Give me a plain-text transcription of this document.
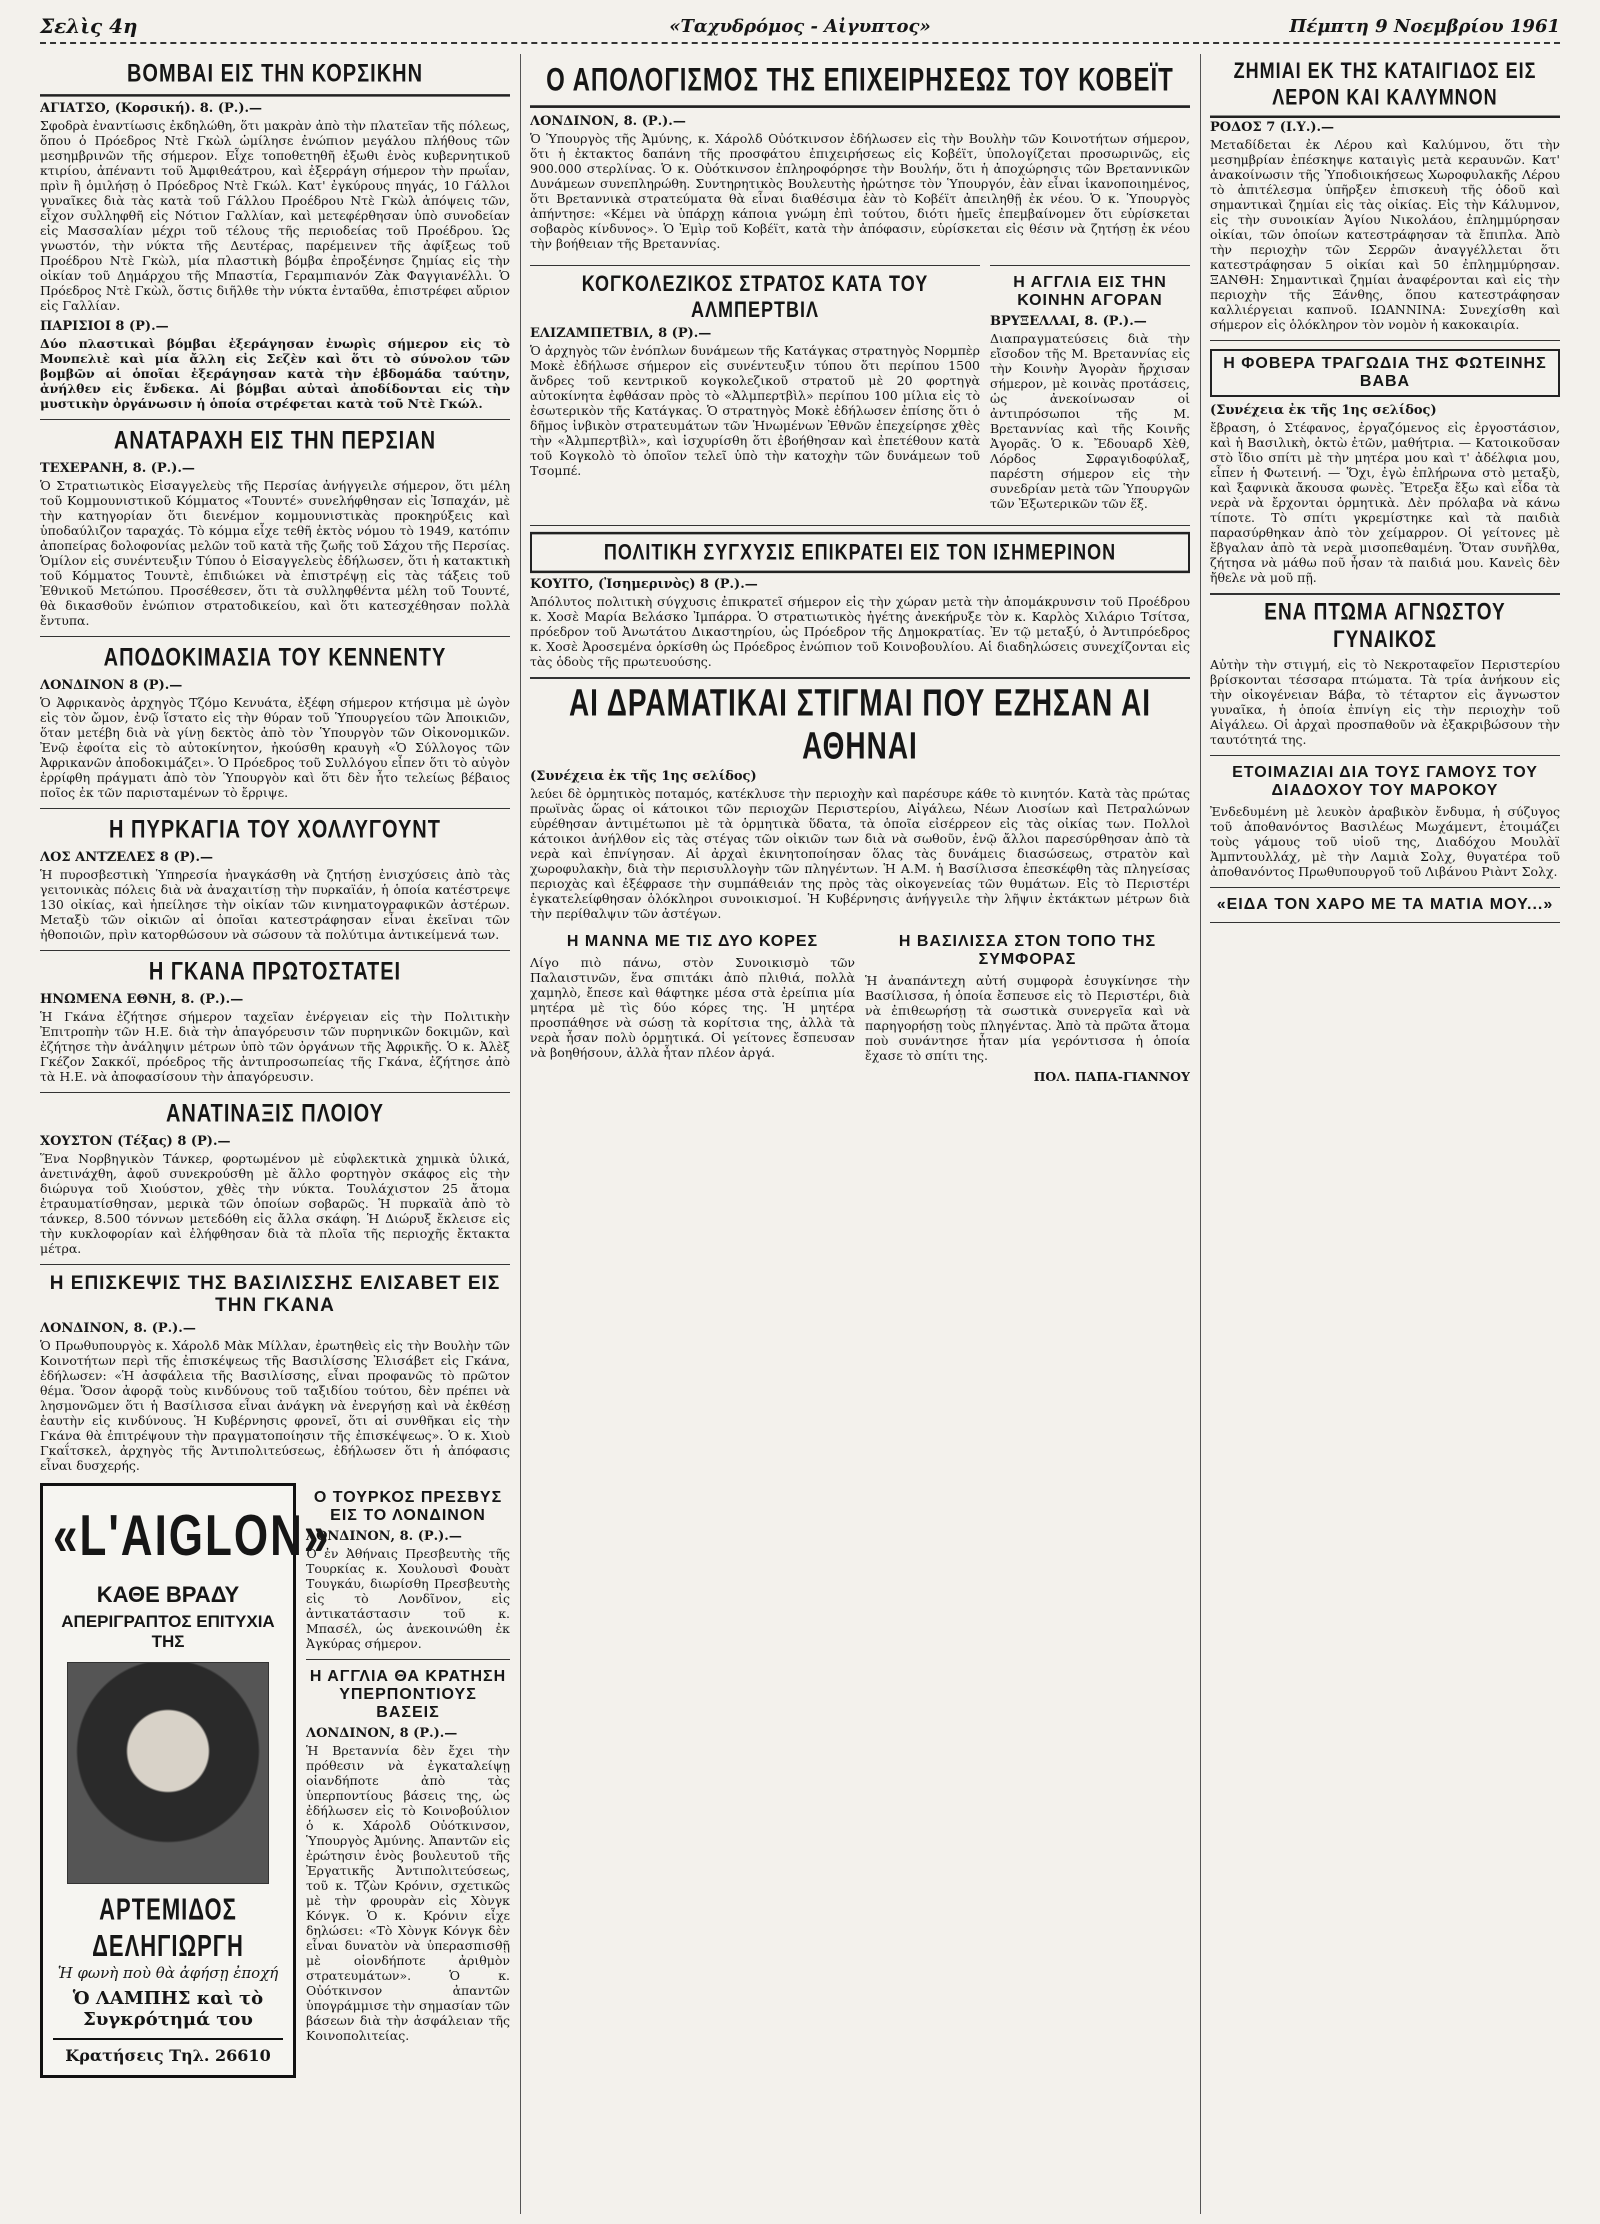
Σελὶς 4η	«Ταχυδρόμος - Αἰγυπτος»	Πέμπτη 9 Νοεμβρίου 1961
ΒΟΜΒΑΙ ΕΙΣ ΤΗΝ ΚΟΡΣΙΚΗΝ
ΑΓΙΑΤΣΟ, (Κορσική). 8. (Ρ.).—
Σφοδρὰ ἐναντίωσις ἐκδηλώθη, ὅτι μακρὰν ἀπὸ τὴν πλατεῖαν τῆς πόλεως, ὅπου ὁ Πρόεδρος Ντὲ Γκὼλ ὡμίλησε ἐνώπιον μεγάλου πλήθους τῶν μεσημβρινῶν τῆς σήμερον. Εἶχε τοποθετηθῆ ἐξωθι ἑνὸς κυβερνητικοῦ κτιρίου, ἀπέναντι τοῦ Ἀμφιθεάτρου, καὶ ἐξερράγη σήμερον τὴν πρωΐαν, πρὶν ἢ ὁμιλήσῃ ὁ Πρόεδρος Ντὲ Γκώλ. Κατ' ἐγκύρους πηγάς, 10 Γάλλοι γυναῖκες διὰ τὰς κατὰ τοῦ Γάλλου Προέδρου Ντὲ Γκὼλ ἀπόψεις τῶν, εἶχον συλληφθῆ εἰς Νότιον Γαλλίαν, καὶ μετεφέρθησαν ὑπὸ συνοδείαν εἰς Μασσαλίαν μέχρι τοῦ τέλους τῆς περιοδείας τοῦ Προέδρου. Ὡς γνωστόν, τὴν νύκτα τῆς Δευτέρας, παρέμεινεν τῆς ἀφίξεως τοῦ Προέδρου Ντὲ Γκὼλ, μία πλαστικὴ βόμβα ἐπροξένησε ζημίας εἰς τὴν οἰκίαν τοῦ Δημάρχου τῆς Μπαστία, Γεραμπιανόν Ζὰκ Φαγγιανέλλι. Ὁ Πρόεδρος Ντὲ Γκὼλ, ὅστις διῆλθε τὴν νύκτα ἐνταῦθα, ἐπιστρέφει αὔριον εἰς Γαλλίαν.
ΠΑΡΙΣΙΟΙ 8 (Ρ).—
Δύο πλαστικαὶ βόμβαι ἐξεράγησαν ἐνωρὶς σήμερον εἰς τὸ Μονπελιὲ καὶ μία ἄλλη εἰς Σεζὲν καὶ ὅτι τὸ σύνολον τῶν βομβῶν αἱ ὁποῖαι ἐξεράγησαν κατὰ τὴν ἑβδομάδα ταύτην, ἀνήλθεν εἰς ἕνδεκα. Αἱ βόμβαι αὐταὶ ἀποδίδονται εἰς τὴν μυστικὴν ὀργάνωσιν ἡ ὁποία στρέφεται κατὰ τοῦ Ντὲ Γκώλ.
ΑΝΑΤΑΡΑΧΗ ΕΙΣ ΤΗΝ ΠΕΡΣΙΑΝ
ΤΕΧΕΡΑΝΗ, 8. (Ρ.).—
Ὁ Στρατιωτικὸς Εἰσαγγελεὺς τῆς Περσίας ἀνήγγειλε σήμερον, ὅτι μέλη τοῦ Κομμουνιστικοῦ Κόμματος «Τουντέ» συνελήφθησαν εἰς Ἰσπαχάν, μὲ τὴν κατηγορίαν ὅτι διενέμον κομμουνιστικὰς προκηρύξεις καὶ ὑποδαύλιζον ταραχάς. Τὸ κόμμα εἶχε τεθῆ ἐκτὸς νόμου τὸ 1949, κατόπιν ἀποπείρας δολοφονίας μελῶν τοῦ κατὰ τῆς ζωῆς τοῦ Σάχου τῆς Περσίας. Ὁμίλον εἰς συνέντευξιν Τύπου ὁ Εἰσαγγελεὺς ἐδήλωσεν, ὅτι ἡ κατακτικὴ τοῦ Κόμματος Τουντὲ, ἐπιδιώκει νὰ ἐπιστρέψῃ εἰς τὰς τάξεις τοῦ Ἐθνικοῦ Μετώπου. Προσέθεσεν, ὅτι τὰ συλληφθέντα μέλη τοῦ Τουντέ, θὰ δικασθοῦν ἐνώπιον στρατοδικείου, καὶ ὅτι κατεσχέθησαν πολλὰ ἔντυπα.
ΑΠΟΔΟΚΙΜΑΣΙΑ ΤΟΥ ΚΕΝΝΕΝΤΥ
ΛΟΝΔΙΝΟΝ 8 (Ρ).—
Ὁ Ἀφρικανὸς ἀρχηγὸς Τζόμο Κενυάτα, ἐξέφη σήμερον κτήσιμα μὲ ὡγὸν εἰς τὸν ὤμον, ἐνῷ ἵστατο εἰς τὴν θύραν τοῦ Ὑπουργείου τῶν Ἀποικιῶν, ὅταν μετέβη διὰ νὰ γίνῃ δεκτὸς ἀπὸ τὸν Ὑπουργὸν τῶν Οἰκονομικῶν. Ἐνῷ ἐφοίτα εἰς τὸ αὐτοκίνητον, ἠκούσθη κραυγὴ «Ὁ Σύλλογος τῶν Ἀφρικανῶν ἀποδοκιμάζει». Ὁ Πρόεδρος τοῦ Συλλόγου εἶπεν ὅτι τὸ αὐγὸν ἐρρίφθη πράγματι ἀπὸ τὸν Ὑπουργὸν καὶ ὅτι δὲν ἦτο τελείως βέβαιος ποῖος ἐκ τῶν παρισταμένων τὸ ἔρριψε.
Η ΠΥΡΚΑΓΙΑ ΤΟΥ ΧΟΛΛΥΓΟΥΝΤ
ΛΟΣ ΑΝΤΖΕΛΕΣ 8 (Ρ).—
Ἡ πυροσβεστικὴ Ὑπηρεσία ἠναγκάσθη νὰ ζητήσῃ ἐνισχύσεις ἀπὸ τὰς γειτονικὰς πόλεις διὰ νὰ ἀναχαιτίσῃ τὴν πυρκαϊάν, ἡ ὁποία κατέστρεψε 130 οἰκίας, καὶ ἠπείλησε τὴν οἰκίαν τῶν κινηματογραφικῶν ἀστέρων. Μεταξὺ τῶν οἰκιῶν αἱ ὁποῖαι κατεστράφησαν εἶναι ἐκεῖναι τῶν ἠθοποιῶν, πρὶν κατορθώσουν νὰ σώσουν τὰ πολύτιμα ἀντικείμενά των.
Η ΓΚΑΝΑ ΠΡΩΤΟΣΤΑΤΕΙ
ΗΝΩΜΕΝΑ ΕΘΝΗ, 8. (Ρ.).—
Ἡ Γκάνα ἐζήτησε σήμερον ταχεῖαν ἐνέργειαν εἰς τὴν Πολιτικὴν Ἐπιτροπὴν τῶν Η.Ε. διὰ τὴν ἀπαγόρευσιν τῶν πυρηνικῶν δοκιμῶν, καὶ ἐζήτησε τὴν ἀνάληψιν μέτρων ὑπὸ τῶν ὀργάνων τῆς Ἀφρικῆς. Ὁ κ. Ἀλὲξ Γκέζον Σακκόϊ, πρόεδρος τῆς ἀντιπροσωπείας τῆς Γκάνα, ἐζήτησε ἀπὸ τὰ Η.Ε. νὰ ἀποφασίσουν τὴν ἀπαγόρευσιν.
ΑΝΑΤΙΝΑΞΙΣ ΠΛΟΙΟΥ
ΧΟΥΣΤΟΝ (Τέξας) 8 (Ρ).—
Ἕνα Νορβηγικὸν Τάνκερ, φορτωμένον μὲ εὐφλεκτικὰ χημικὰ ὑλικά, ἀνετινάχθη, ἀφοῦ συνεκρούσθη μὲ ἄλλο φορτηγὸν σκάφος εἰς τὴν διώρυγα τοῦ Χιούστον, χθὲς τὴν νύκτα. Τουλάχιστον 25 ἄτομα ἐτραυματίσθησαν, μερικὰ τῶν ὁποίων σοβαρῶς. Ἡ πυρκαϊὰ ἀπὸ τὸ τάνκερ, 8.500 τόννων μετεδόθη εἰς ἄλλα σκάφη. Ἡ Διώρυξ ἔκλεισε εἰς τὴν κυκλοφορίαν καὶ ἐλήφθησαν διὰ τὰ πλοῖα τῆς περιοχῆς ἔκτακτα μέτρα.
Η ΕΠΙΣΚΕΨΙΣ ΤΗΣ ΒΑΣΙΛΙΣΣΗΣ ΕΛΙΣΑΒΕΤ ΕΙΣ ΤΗΝ ΓΚΑΝΑ
ΛΟΝΔΙΝΟΝ, 8. (Ρ.).—
Ὁ Πρωθυπουργὸς κ. Χάρολδ Μὰκ Μίλλαν, ἐρωτηθεὶς εἰς τὴν Βουλὴν τῶν Κοινοτήτων περὶ τῆς ἐπισκέψεως τῆς Βασιλίσσης Ἐλισάβετ εἰς Γκάνα, ἐδήλωσεν: «Ἡ ἀσφάλεια τῆς Βασιλίσσης, εἶναι προφανῶς τὸ πρῶτον θέμα. Ὅσον ἀφορᾷ τοὺς κινδύνους τοῦ ταξιδίου τούτου, δὲν πρέπει νὰ λησμονῶμεν ὅτι ἡ Βασίλισσα εἶναι ἀνάγκη νὰ ἐνεργήσῃ καὶ νὰ ἐκθέσῃ ἑαυτὴν εἰς κινδύνους. Ἡ Κυβέρνησις φρονεῖ, ὅτι αἱ συνθῆκαι εἰς τὴν Γκάνα θὰ ἐπιτρέψουν τὴν πραγματοποίησιν τῆς ἐπισκέψεως». Ὁ κ. Χιοὺ Γκαΐτσκελ, ἀρχηγὸς τῆς Ἀντιπολιτεύσεως, ἐδήλωσεν ὅτι ἡ ἀπόφασις εἶναι δυσχερής.
«L'AIGLON»
ΚΑΘΕ ΒΡΑΔΥ
ΑΠΕΡΙΓΡΑΠΤΟΣ ΕΠΙΤΥΧΙΑ ΤΗΣ
ΑΡΤΕΜΙΔΟΣ ΔΕΛΗΓΙΩΡΓΗ
Ἡ φωνὴ ποὺ θὰ ἀφήσῃ ἐποχή
Ὁ ΛΑΜΠΗΣ καὶ τὸ Συγκρότημά του
Κρατήσεις Τηλ. 26610
Ο ΤΟΥΡΚΟΣ ΠΡΕΣΒΥΣ ΕΙΣ ΤΟ ΛΟΝΔΙΝΟΝ
ΛΟΝΔΙΝΟΝ, 8. (Ρ.).—
Ὁ ἐν Ἀθήναις Πρεσβευτὴς τῆς Τουρκίας κ. Χουλουσὶ Φουὰτ Τουγκάυ, διωρίσθη Πρεσβευτὴς εἰς τὸ Λονδῖνον, εἰς ἀντικατάστασιν τοῦ κ. Μπασέλ, ὡς ἀνεκοινώθη ἐκ Ἀγκύρας σήμερον.
Η ΑΓΓΛΙΑ ΘΑ ΚΡΑΤΗΣΗ ΥΠΕΡΠΟΝΤΙΟΥΣ ΒΑΣΕΙΣ
ΛΟΝΔΙΝΟΝ, 8 (Ρ.).—
Ἡ Βρεταννία δὲν ἔχει τὴν πρόθεσιν νὰ ἐγκαταλείψῃ οἱανδήποτε ἀπὸ τὰς ὑπερποντίους βάσεις της, ὡς ἐδήλωσεν εἰς τὸ Κοινοβούλιον ὁ κ. Χάρολδ Οὐότκινσον, Ὑπουργὸς Ἀμύνης. Ἀπαντῶν εἰς ἐρώτησιν ἑνὸς βουλευτοῦ τῆς Ἐργατικῆς Ἀντιπολιτεύσεως, τοῦ κ. Τζὼν Κρόνιν, σχετικῶς μὲ τὴν φρουρὰν εἰς Χὸνγκ Κόνγκ. Ὁ κ. Κρόνιν εἶχε δηλώσει: «Τὸ Χὸνγκ Κόνγκ δὲν εἶναι δυνατὸν νὰ ὑπερασπισθῇ μὲ οἱονδήποτε ἀριθμὸν στρατευμάτων». Ὁ κ. Οὐότκινσον ἀπαντῶν ὑπογράμμισε τὴν σημασίαν τῶν βάσεων διὰ τὴν ἀσφάλειαν τῆς Κοινοπολιτείας.
Ο ΑΠΟΛΟΓΙΣΜΟΣ ΤΗΣ ΕΠΙΧΕΙΡΗΣΕΩΣ ΤΟΥ ΚΟΒΕΪΤ
ΛΟΝΔΙΝΟΝ, 8. (Ρ.).—
Ὁ Ὑπουργὸς τῆς Ἀμύνης, κ. Χάρολδ Οὐότκινσον ἐδήλωσεν εἰς τὴν Βουλὴν τῶν Κοινοτήτων σήμερον, ὅτι ἡ ἐκτακτος δαπάνη τῆς προσφάτου ἐπιχειρήσεως εἰς Κοβέϊτ, ὑπολογίζεται προσωρινῶς, εἰς 900.000 στερλίνας. Ὁ κ. Οὐότκινσον ἐπληροφόρησε τὴν Βουλήν, ὅτι ἡ ἀποχώρησις τῶν Βρεταννικῶν Δυνάμεων συνεπληρώθη. Συντηρητικὸς Βουλευτὴς ἠρώτησε τὸν Ὑπουργόν, ἐὰν εἶναι ἱκανοποιημένος, ὅτι Βρεταννικὰ στρατεύματα θὰ εἶναι διαθέσιμα ἐὰν τὸ Κοβέϊτ ἀπειληθῇ ἐκ νέου. Ὁ κ. Ὑπουργὸς ἀπήντησε: «Κέμει νὰ ὑπάρχῃ κάποια γνώμη ἐπὶ τούτου, διότι ἡμεῖς ἐπεμβαίνομεν ὅτι εὑρίσκεται σοβαρὸς κίνδυνος». Ὁ Ἐμὶρ τοῦ Κοβέϊτ, κατὰ τὴν ἀπόφασιν, εὑρίσκεται εἰς θέσιν νὰ ζητήσῃ ἐκ νέου τὴν βοήθειαν τῆς Βρεταννίας.
ΚΟΓΚΟΛΕΖΙΚΟΣ ΣΤΡΑΤΟΣ ΚΑΤΑ ΤΟΥ ΑΛΜΠΕΡΤΒΙΛ
ΕΛΙΖΑΜΠΕΤΒΙΛ, 8 (Ρ).—
Ὁ ἀρχηγὸς τῶν ἐνόπλων δυνάμεων τῆς Κατάγκας στρατηγὸς Νορμπὲρ Μοκὲ ἐδήλωσε σήμερον εἰς συνέντευξιν τύπου ὅτι περίπου 1500 ἄνδρες τοῦ κεντρικοῦ κογκολεζικοῦ στρατοῦ μὲ 20 φορτηγὰ αὐτοκίνητα ἐφθάσαν πρὸς τὸ «Ἀλμπερτβὶλ» περίπου 100 μίλια εἰς τὸ ἐσωτερικὸν τῆς Κατάγκας. Ὁ στρατηγὸς Μοκὲ ἐδήλωσεν ἐπίσης ὅτι ὁ δῆμος ἰνβικὸν στρατευμάτων τῶν Ἡνωμένων Ἐθνῶν ἐπεχείρησε χθὲς τὴν «Ἀλμπερτβὶλ», καὶ ἰσχυρίσθη ὅτι ἐβοήθησαν καὶ ἐπετέθουν κατὰ τοῦ Κογκολὸ τὸ ὁποῖον τελεῖ ὑπὸ τὴν κατοχὴν τῶν δυνάμεων τοῦ Τσομπέ.
Η ΑΓΓΛΙΑ ΕΙΣ ΤΗΝ ΚΟΙΝΗΝ ΑΓΟΡΑΝ
ΒΡΥΞΕΛΛΑΙ, 8. (Ρ.).—
Διαπραγματεύσεις διὰ τὴν εἴσοδον τῆς Μ. Βρεταννίας εἰς τὴν Κοινὴν Ἀγορὰν ἤρχισαν σήμερον, μὲ κοινὰς προτάσεις, ὡς ἀνεκοίνωσαν οἱ ἀντιπρόσωποι τῆς Μ. Βρεταννίας καὶ τῆς Κοινῆς Ἀγορᾶς. Ὁ κ. Ἔδουαρδ Χὲθ, Λόρδος Σφραγιδοφύλαξ, παρέστη σήμερον εἰς τὴν συνεδρίαν μετὰ τῶν Ὑπουργῶν τῶν Ἐξωτερικῶν τῶν ἕξ.
ΠΟΛΙΤΙΚΗ ΣΥΓΧΥΣΙΣ ΕΠΙΚΡΑΤΕΙ ΕΙΣ ΤΟΝ ΙΣΗΜΕΡΙΝΟΝ
ΚΟΥΙΤΟ, (Ἰσημερινὸς) 8 (Ρ.).—
Ἀπόλυτος πολιτικὴ σύγχυσις ἐπικρατεῖ σήμερον εἰς τὴν χώραν μετὰ τὴν ἀπομάκρυνσιν τοῦ Προέδρου κ. Χοσὲ Μαρία Βελάσκο Ἰμπάρρα. Ὁ στρατιωτικὸς ἠγέτης ἀνεκήρυξε τὸν κ. Καρλὸς Χιλάριο Τσίτσα, πρόεδρον τοῦ Ἀνωτάτου Δικαστηρίου, ὡς Πρόεδρον τῆς Δημοκρατίας. Ἐν τῷ μεταξύ, ὁ Ἀντιπρόεδρος κ. Χοσὲ Ἀροσεμένα ὁρκίσθη ὡς Πρόεδρος ἐνώπιον τοῦ Κοινοβουλίου. Αἱ διαδηλώσεις συνεχίζονται εἰς τὰς ὁδοὺς τῆς πρωτευούσης.
ΑΙ ΔΡΑΜΑΤΙΚΑΙ ΣΤΙΓΜΑΙ ΠΟΥ ΕΖΗΣΑΝ ΑΙ ΑΘΗΝΑΙ
(Συνέχεια ἐκ τῆς 1ης σελίδος)
λεύει δὲ ὀρμητικὸς ποταμός, κατέκλυσε τὴν περιοχὴν καὶ παρέσυρε κάθε τὸ κινητόν. Κατὰ τὰς πρώτας πρωϊνὰς ὥρας οἱ κάτοικοι τῶν περιοχῶν Περιστερίου, Αἰγάλεω, Νέων Λιοσίων καὶ Πετραλώνων εὑρέθησαν ἀντιμέτωποι μὲ τὰ ὁρμητικὰ ὕδατα, τὰ ὁποῖα εἰσέρρεον εἰς τὰς οἰκίας των. Πολλοὶ κάτοικοι ἀνήλθον εἰς τὰς στέγας τῶν οἰκιῶν των διὰ νὰ σωθοῦν, ἐνῷ ἄλλοι παρεσύρθησαν ἀπὸ τὰ νερὰ καὶ ἐπνίγησαν. Αἱ ἀρχαὶ ἐκινητοποίησαν ὅλας τὰς δυνάμεις διασώσεως, στρατὸν καὶ χωροφυλακὴν, διὰ τὴν περισυλλογὴν τῶν πληγέντων. Ἡ Α.Μ. ἡ Βασίλισσα ἐπεσκέφθη τὰς πληγείσας περιοχὰς καὶ ἐξέφρασε τὴν συμπάθειάν της πρὸς τὰς οἰκογενείας τῶν θυμάτων. Εἰς τὸ Περιστέρι ἐγκατελείφθησαν ὁλόκληροι συνοικισμοί. Ἡ Κυβέρνησις ἀνήγγειλε τὴν λῆψιν ἐκτάκτων μέτρων διὰ τὴν περίθαλψιν τῶν ἀστέγων.
Η ΜΑΝΝΑ ΜΕ ΤΙΣ ΔΥΟ ΚΟΡΕΣ
Λίγο πιὸ πάνω, στὸν Συνοικισμὸ τῶν Παλαιστινῶν, ἕνα σπιτάκι ἀπὸ πλιθιά, πολλὰ χαμηλὸ, ἔπεσε καὶ θάφτηκε μέσα στὰ ἐρείπια μία μητέρα μὲ τὶς δύο κόρες της. Ἡ μητέρα προσπάθησε νὰ σώσῃ τὰ κορίτσια της, ἀλλὰ τὰ νερὰ ἦσαν πολὺ ὁρμητικά. Οἱ γείτονες ἔσπευσαν νὰ βοηθήσουν, ἀλλὰ ἦταν πλέον ἀργά.
Η ΒΑΣΙΛΙΣΣΑ ΣΤΟΝ ΤΟΠΟ ΤΗΣ ΣΥΜΦΟΡΑΣ
Ἡ ἀναπάντεχη αὐτή συμφορὰ ἐσυγκίνησε τὴν Βασίλισσα, ἡ ὁποία ἔσπευσε εἰς τὸ Περιστέρι, διὰ νὰ ἐπιθεωρήσῃ τὰ σωστικὰ συνεργεῖα καὶ νὰ παρηγορήσῃ τοὺς πληγέντας. Ἀπὸ τὰ πρῶτα ἄτομα ποὺ συνάντησε ἦταν μία γερόντισσα ἡ ὁποία ἔχασε τὸ σπίτι της.
ΠΟΛ. ΠΑΠΑ-ΓΙΑΝΝΟΥ
ΖΗΜΙΑΙ ΕΚ ΤΗΣ ΚΑΤΑΙΓΙΔΟΣ ΕΙΣ ΛΕΡΟΝ ΚΑΙ ΚΑΛΥΜΝΟΝ
ΡΟΔΟΣ 7 (Ι.Υ.).—
Μεταδίδεται ἐκ Λέρου καὶ Καλύμνου, ὅτι τὴν μεσημβρίαν ἐπέσκηψε καταιγὶς μετὰ κεραυνῶν. Κατ' ἀνακοίνωσιν τῆς Ὑποδιοικήσεως Χωροφυλακῆς Λέρου τὸ ἀπιτέλεσμα ὑπῆρξεν ἐπισκευὴ τῆς ὁδοῦ καὶ σημαντικαὶ ζημίαι εἰς τὰς οἰκίας. Εἰς τὴν Κάλυμνον, εἰς τὴν συνοικίαν Ἁγίου Νικολάου, ἐπλημμύρησαν οἰκίαι, τῶν ὁποίων κατεστράφησαν τὰ ἔπιπλα. Ἀπὸ τὴν περιοχὴν τῶν Σερρῶν ἀναγγέλλεται ὅτι κατεστράφησαν 5 οἰκίαι καὶ 50 ἐπλημμύρησαν. ΞΑΝΘΗ: Σημαντικαὶ ζημίαι ἀναφέρονται καὶ εἰς τὴν περιοχὴν τῆς Ξάνθης, ὅπου κατεστράφησαν καλλιέργειαι καπνοῦ. ΙΩΑΝΝΙΝΑ: Συνεχίσθη καὶ σήμερον εἰς ὁλόκληρον τὸν νομὸν ἡ κακοκαιρία.
Η ΦΟΒΕΡΑ ΤΡΑΓΩΔΙΑ ΤΗΣ ΦΩΤΕΙΝΗΣ ΒΑΒΑ
(Συνέχεια ἐκ τῆς 1ης σελίδος)
ἔβραση, ὁ Στέφανος, ἐργαζόμενος εἰς ἐργοστάσιον, καὶ ἡ Βασιλικὴ, ὀκτὼ ἐτῶν, μαθήτρια. — Κατοικοῦσαν στὸ ἴδιο σπίτι μὲ τὴν μητέρα μου καὶ τ' ἀδέλφια μου, εἶπεν ἡ Φωτεινή. — Ὅχι, ἐγὼ ἐπλήρωνα στὸ μεταξὺ, καὶ ξαφνικὰ ἄκουσα φωνὲς. Ἔτρεξα ἔξω καὶ εἶδα τὰ νερὰ νὰ ἔρχονται ὁρμητικὰ. Δὲν πρόλαβα νὰ κάνω τίποτε. Τὸ σπίτι γκρεμίστηκε καὶ τὰ παιδιὰ παρασύρθηκαν ἀπὸ τὸν χείμαρρον. Οἱ γείτονες μὲ ἔβγαλαν ἀπὸ τὰ νερὰ μισοπεθαμένη. Ὅταν συνῆλθα, ζήτησα νὰ μάθω ποῦ ἦσαν τὰ παιδιά μου. Κανεὶς δὲν ἤθελε νὰ μοῦ πῇ.
ΕΝΑ ΠΤΩΜΑ ΑΓΝΩΣΤΟΥ ΓΥΝΑΙΚΟΣ
Αὐτὴν τὴν στιγμή, εἰς τὸ Νεκροταφεῖον Περιστερίου βρίσκονται τέσσαρα πτώματα. Τὰ τρία ἀνήκουν εἰς τὴν οἰκογένειαν Βάβα, τὸ τέταρτον εἰς ἄγνωστον γυναῖκα, ἡ ὁποία ἐπνίγη εἰς τὴν περιοχὴν τοῦ Αἰγάλεω. Οἱ ἀρχαὶ προσπαθοῦν νὰ ἐξακριβώσουν τὴν ταυτότητά της.
ΕΤΟΙΜΑΖΙΑΙ ΔΙΑ ΤΟΥΣ ΓΑΜΟΥΣ ΤΟΥ ΔΙΑΔΟΧΟΥ ΤΟΥ ΜΑΡΟΚΟΥ
Ἐνδεδυμένη μὲ λευκὸν ἀραβικὸν ἔνδυμα, ἡ σύζυγος τοῦ ἀποθανόντος Βασιλέως Μωχάμεντ, ἐτοιμάζει τοὺς γάμους τοῦ υἱοῦ της, Διαδόχου Μουλὰϊ Ἀμπντουλλάχ, μὲ τὴν Λαμιὰ Σολχ, θυγατέρα τοῦ ἀποθανόντος Πρωθυπουργοῦ τοῦ Λιβάνου Ριὰντ Σολχ.
«ΕΙΔΑ ΤΟΝ ΧΑΡΟ ΜΕ ΤΑ ΜΑΤΙΑ ΜΟΥ...»
